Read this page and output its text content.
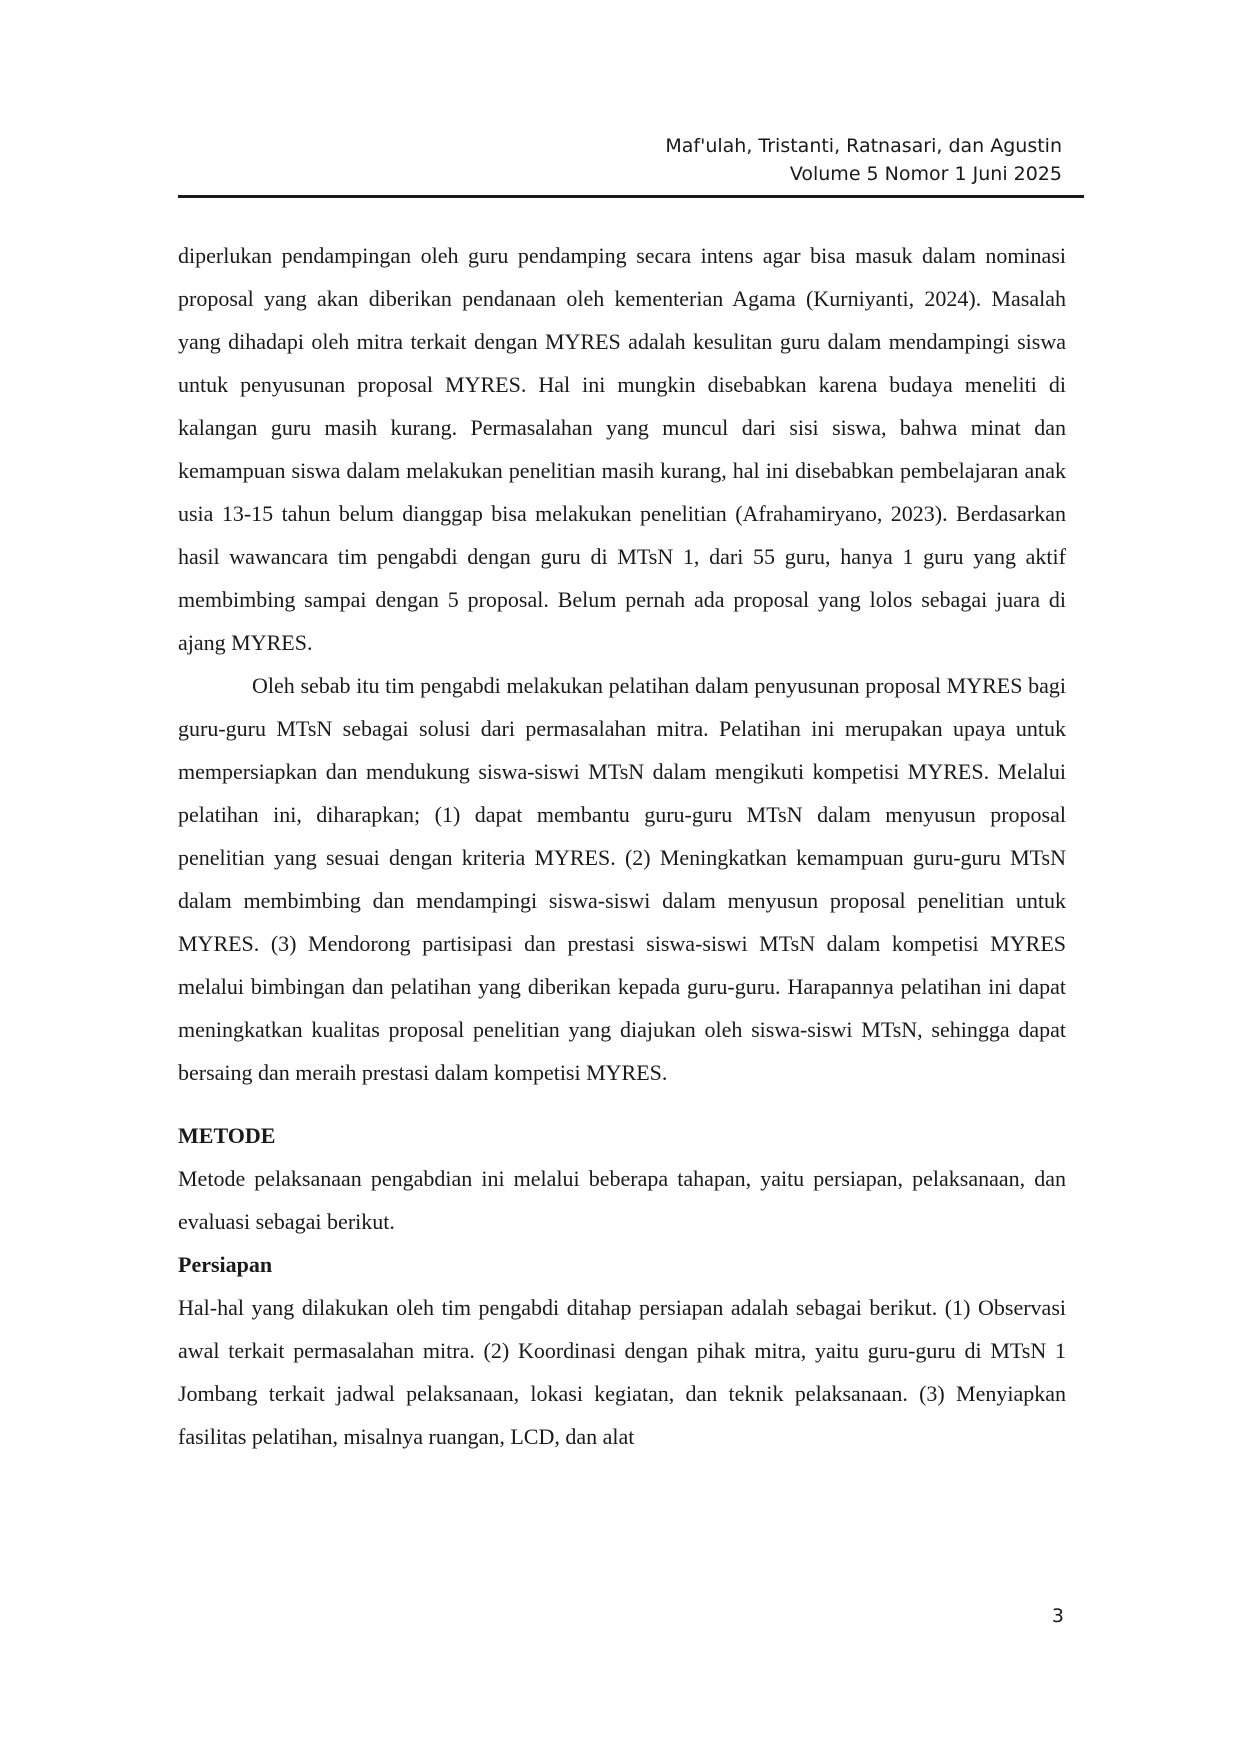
Maf'ulah, Tristanti, Ratnasari, dan Agustin
Volume 5 Nomor 1 Juni 2025

diperlukan pendampingan oleh guru pendamping secara intens agar bisa masuk dalam nominasi proposal yang akan diberikan pendanaan oleh kementerian Agama (Kurniyanti, 2024). Masalah yang dihadapi oleh mitra terkait dengan MYRES adalah kesulitan guru dalam mendampingi siswa untuk penyusunan proposal MYRES. Hal ini mungkin disebabkan karena budaya meneliti di kalangan guru masih kurang. Permasalahan yang muncul dari sisi siswa, bahwa minat dan kemampuan siswa dalam melakukan penelitian masih kurang, hal ini disebabkan pembelajaran anak usia 13-15 tahun belum dianggap bisa melakukan penelitian (Afrahamiryano, 2023). Berdasarkan hasil wawancara tim pengabdi dengan guru di MTsN 1, dari 55 guru, hanya 1 guru yang aktif membimbing sampai dengan 5 proposal. Belum pernah ada proposal yang lolos sebagai juara di ajang MYRES.

Oleh sebab itu tim pengabdi melakukan pelatihan dalam penyusunan proposal MYRES bagi guru-guru MTsN sebagai solusi dari permasalahan mitra. Pelatihan ini merupakan upaya untuk mempersiapkan dan mendukung siswa-siswi MTsN dalam mengikuti kompetisi MYRES. Melalui pelatihan ini, diharapkan; (1) dapat membantu guru-guru MTsN dalam menyusun proposal penelitian yang sesuai dengan kriteria MYRES. (2) Meningkatkan kemampuan guru-guru MTsN dalam membimbing dan mendampingi siswa-siswi dalam menyusun proposal penelitian untuk MYRES. (3) Mendorong partisipasi dan prestasi siswa-siswi MTsN dalam kompetisi MYRES melalui bimbingan dan pelatihan yang diberikan kepada guru-guru. Harapannya pelatihan ini dapat meningkatkan kualitas proposal penelitian yang diajukan oleh siswa-siswi MTsN, sehingga dapat bersaing dan meraih prestasi dalam kompetisi MYRES.

METODE

Metode pelaksanaan pengabdian ini melalui beberapa tahapan, yaitu persiapan, pelaksanaan, dan evaluasi sebagai berikut.

Persiapan

Hal-hal yang dilakukan oleh tim pengabdi ditahap persiapan adalah sebagai berikut. (1) Observasi awal terkait permasalahan mitra. (2) Koordinasi dengan pihak mitra, yaitu guru-guru di MTsN 1 Jombang terkait jadwal pelaksanaan, lokasi kegiatan, dan teknik pelaksanaan. (3) Menyiapkan fasilitas pelatihan, misalnya ruangan, LCD, dan alat

3
